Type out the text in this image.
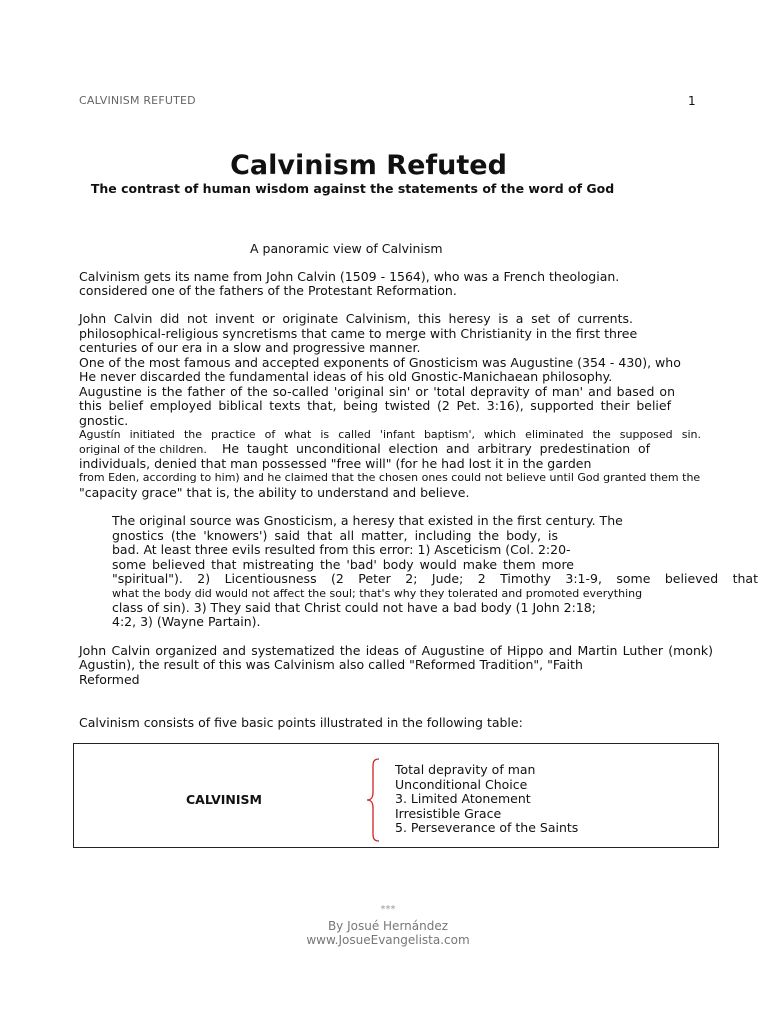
CALVINISM REFUTED	1
Calvinism Refuted
The contrast of human wisdom against the statements of the word of God
A panoramic view of Calvinism
Calvinism gets its name from John Calvin (1509 - 1564), who was a French theologian.
considered one of the fathers of the Protestant Reformation.
John Calvin did not invent or originate Calvinism, this heresy is a set of currents.
philosophical-religious syncretisms that came to merge with Christianity in the first three
centuries of our era in a slow and progressive manner.
One of the most famous and accepted exponents of Gnosticism was Augustine (354 - 430), who
He never discarded the fundamental ideas of his old Gnostic-Manichaean philosophy.
Augustine is the father of the so-called 'original sin' or 'total depravity of man' and based on
this belief employed biblical texts that, being twisted (2 Pet. 3:16), supported their belief
gnostic.
Agustín initiated the practice of what is called 'infant baptism', which eliminated the supposed sin.
original of the children. He taught unconditional election and arbitrary predestination of
individuals, denied that man possessed "free will" (for he had lost it in the garden
from Eden, according to him) and he claimed that the chosen ones could not believe until God granted them the
"capacity grace" that is, the ability to understand and believe.
The original source was Gnosticism, a heresy that existed in the first century. The
gnostics (the 'knowers') said that all matter, including the body, is
bad. At least three evils resulted from this error: 1) Asceticism (Col. 2:20-
some believed that mistreating the 'bad' body would make them more
"spiritual"). 2) Licentiousness (2 Peter 2; Jude; 2 Timothy 3:1-9, some believed that
what the body did would not affect the soul; that's why they tolerated and promoted everything
class of sin). 3) They said that Christ could not have a bad body (1 John 2:18;
4:2, 3) (Wayne Partain).
John Calvin organized and systematized the ideas of Augustine of Hippo and Martin Luther (monk)
Agustin), the result of this was Calvinism also called "Reformed Tradition", "Faith
Reformed
Calvinism consists of five basic points illustrated in the following table:
CALVINISM
Total depravity of man
Unconditional Choice
3. Limited Atonement
Irresistible Grace
5. Perseverance of the Saints
***
By Josué Hernández
www.JosueEvangelista.com
